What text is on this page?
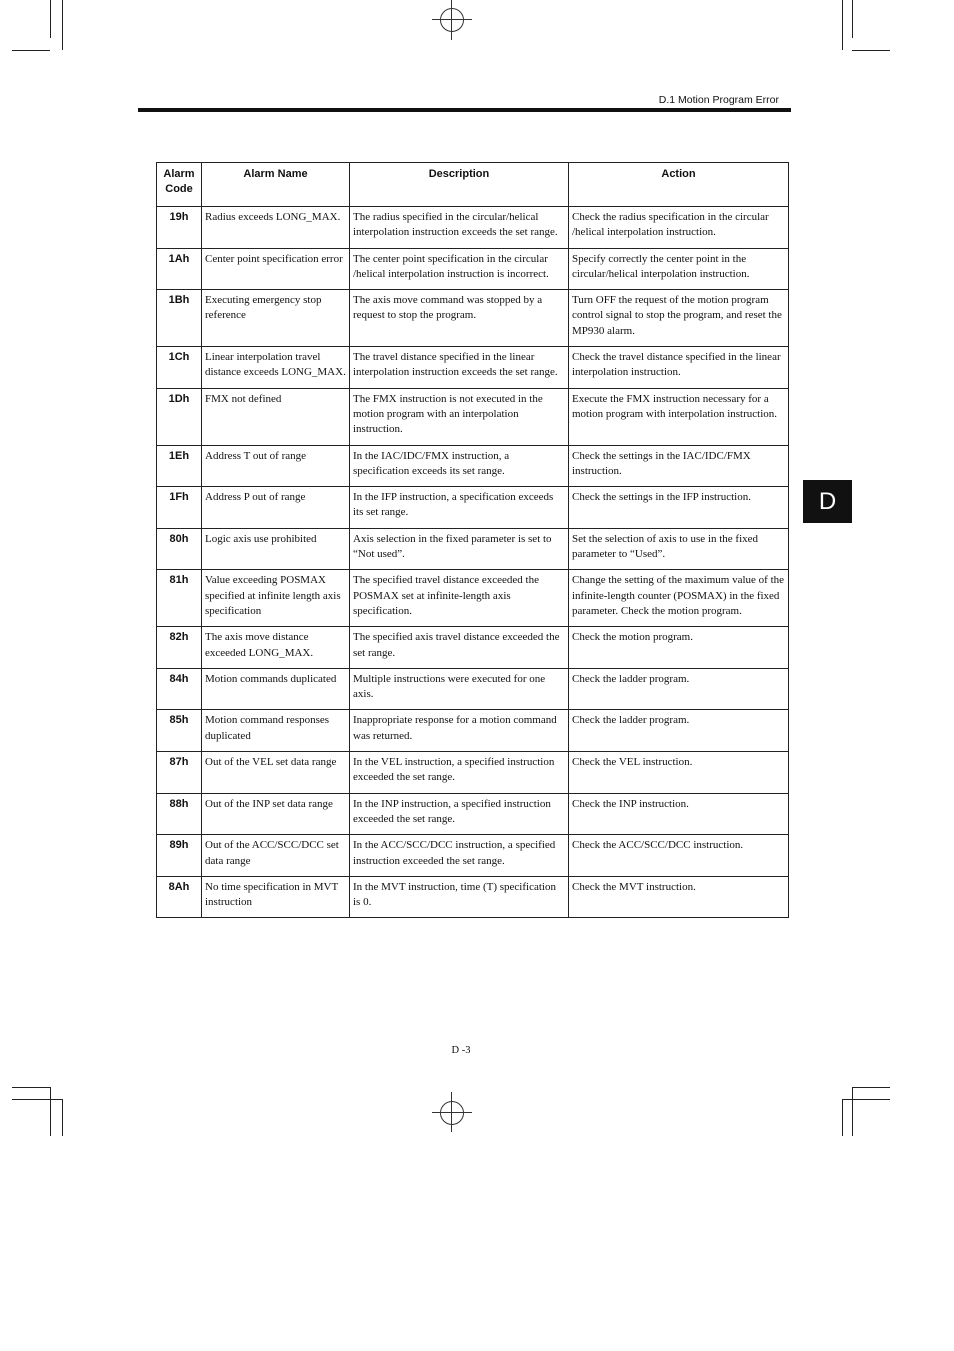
D.1 Motion Program Error
D
Alarm Code	Alarm Name	Description	Action
19h	Radius exceeds LONG_MAX.	The radius specified in the circular/helical interpolation instruction exceeds the set range.	Check the radius specification in the circular /helical interpolation instruction.
1Ah	Center point specification error	The center point specification in the circular /helical interpolation instruction is incorrect.	Specify correctly the center point in the circular/helical interpolation instruction.
1Bh	Executing emergency stop reference	The axis move command was stopped by a request to stop the program.	Turn OFF the request of the motion program control signal to stop the program, and reset the MP930 alarm.
1Ch	Linear interpolation travel distance exceeds LONG_MAX.	The travel distance specified in the linear interpolation instruction exceeds the set range.	Check the travel distance specified in the linear interpolation instruction.
1Dh	FMX not defined	The FMX instruction is not executed in the motion program with an interpolation instruction.	Execute the FMX instruction necessary for a motion program with interpolation instruction.
1Eh	Address T out of range	In the IAC/IDC/FMX instruction, a specification exceeds its set range.	Check the settings in the IAC/IDC/FMX instruction.
1Fh	Address P out of range	In the IFP instruction, a specification exceeds its set range.	Check the settings in the IFP instruction.
80h	Logic axis use prohibited	Axis selection in the fixed parameter is set to “Not used”.	Set the selection of axis to use in the fixed parameter to “Used”.
81h	Value exceeding POSMAX specified at infinite length axis specification	The specified travel distance exceeded the POSMAX set at infinite-length axis specification.	Change the setting of the maximum value of the infinite-length counter (POSMAX) in the fixed parameter. Check the motion program.
82h	The axis move distance exceeded LONG_MAX.	The specified axis travel distance exceeded the set range.	Check the motion program.
84h	Motion commands duplicated	Multiple instructions were executed for one axis.	Check the ladder program.
85h	Motion command responses duplicated	Inappropriate response for a motion command was returned.	Check the ladder program.
87h	Out of the VEL set data range	In the VEL instruction, a specified instruction exceeded the set range.	Check the VEL instruction.
88h	Out of the INP set data range	In the INP instruction, a specified instruction exceeded the set range.	Check the INP instruction.
89h	Out of the ACC/SCC/DCC set data range	In the ACC/SCC/DCC instruction, a specified instruction exceeded the set range.	Check the ACC/SCC/DCC instruction.
8Ah	No time specification in MVT instruction	In the MVT instruction, time (T) specification is 0.	Check the MVT instruction.
D -3
